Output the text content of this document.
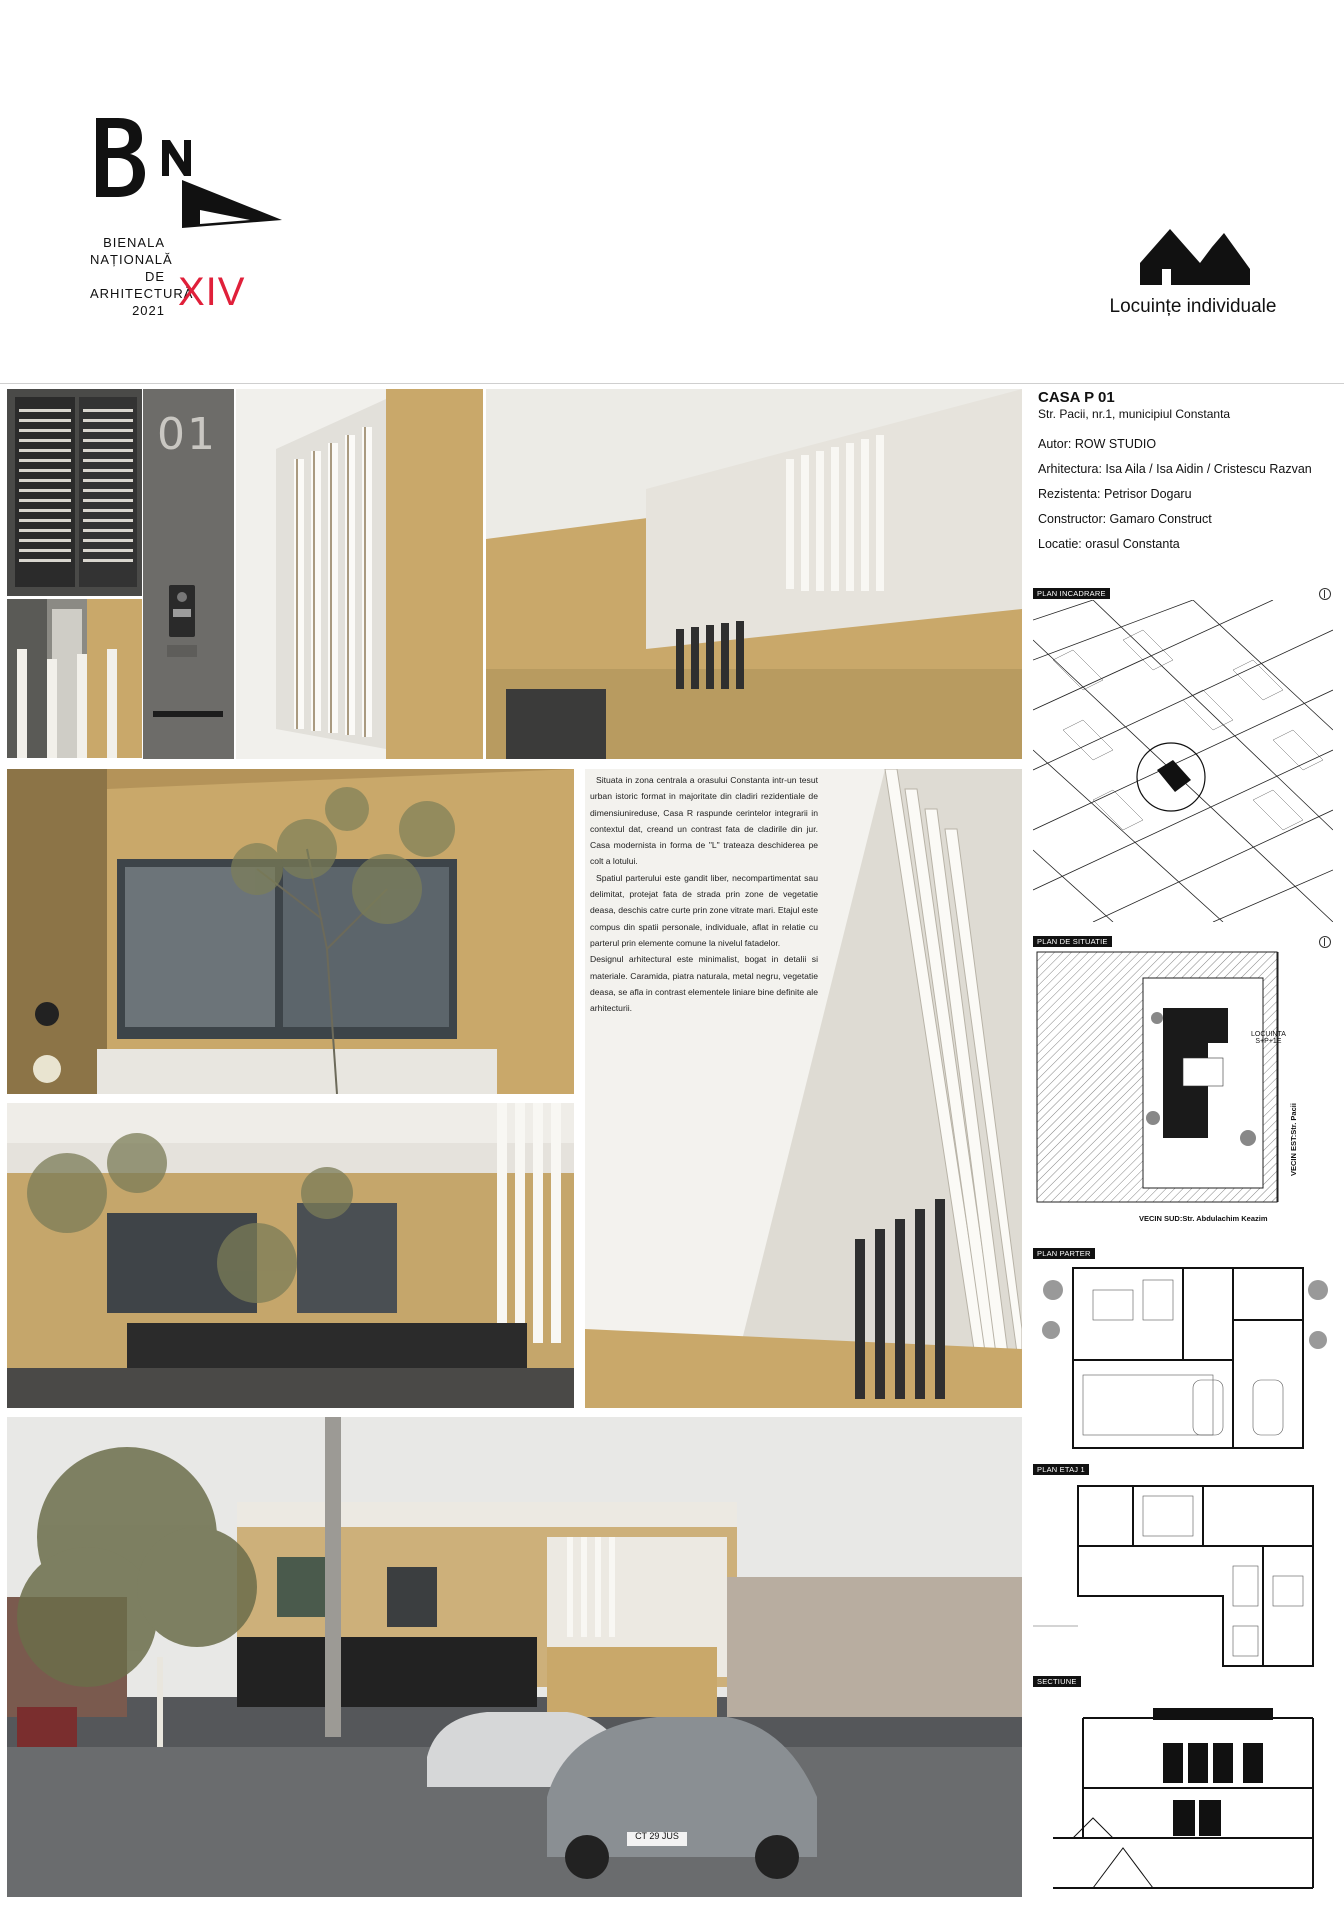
BIENALA
NAȚIONALĂ
DE
ARHITECTURĂ
2021 XIV	Locuințe individuale
01
CT 29 JUS

Situata in zona centrala a orasului Constanta intr-un tesut urban istoric format in majoritate din cladiri rezidentiale de dimensiunireduse, Casa R raspunde cerintelor integrarii in contextul dat, creand un contrast fata de cladirile din jur. Casa modernista in forma de "L" trateaza deschiderea pe colt a lotului.

Spatiul parterului este gandit liber, necompartimentat sau delimitat, protejat fata de strada prin zone de vegetatie deasa, deschis catre curte prin zone vitrate mari. Etajul este compus din spatii personale, individuale, aflat in relatie cu parterul prin elemente comune la nivelul fatadelor.

Designul arhitectural este minimalist, bogat in detalii si materiale. Caramida, piatra naturala, metal negru, vegetatie deasa, se afla in contrast elementele liniare bine definite ale arhitecturii.

CASA P 01
Str. Pacii, nr.1, municipiul Constanta
Autor: ROW STUDIO
Arhitectura: Isa Aila / Isa Aidin / Cristescu Razvan
Rezistenta: Petrisor Dogaru
Constructor: Gamaro Construct
Locatie: orasul Constanta
PLAN INCADRARE
PLAN DE SITUATIE
LOCUINTA
S+P+1E
VECIN EST:Str. Pacii
VECIN SUD:Str. Abdulachim Keazim
PLAN PARTER
PLAN ETAJ 1
SECTIUNE
